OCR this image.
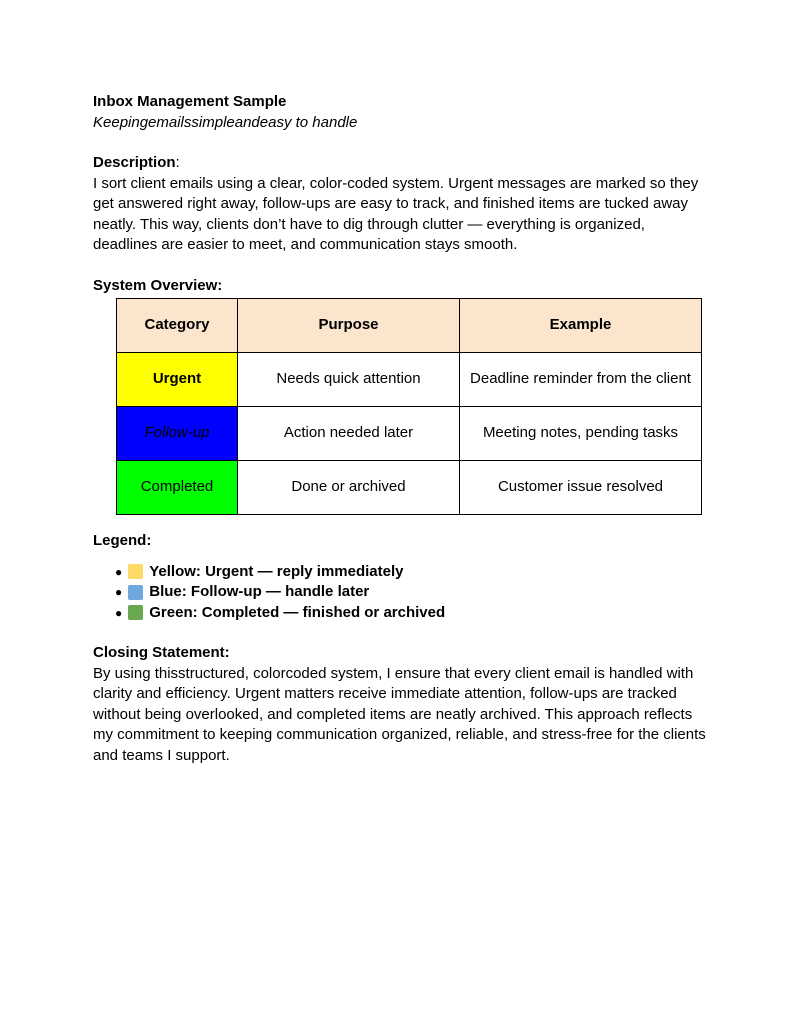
Inbox Management Sample

Keepingemailssimpleandeasy to handle

Description:

I sort client emails using a clear, color-coded system. Urgent messages are marked so they get answered right away, follow-ups are easy to track, and finished items are tucked away neatly. This way, clients don’t have to dig through clutter — everything is organized, deadlines are easier to meet, and communication stays smooth.

System Overview:

Category	Purpose	Example
Urgent	Needs quick attention	Deadline reminder from the client
Follow-up	Action needed later	Meeting notes, pending tasks
Completed	Done or archived	Customer issue resolved

Legend:

● Yellow: Urgent — reply immediately
● Blue: Follow-up — handle later
● Green: Completed — finished or archived

Closing Statement:

By using thisstructured, colorcoded system, I ensure that every client email is handled with clarity and efficiency. Urgent matters receive immediate attention, follow-ups are tracked without being overlooked, and completed items are neatly archived. This approach reflects my commitment to keeping communication organized, reliable, and stress-free for the clients and teams I support.
